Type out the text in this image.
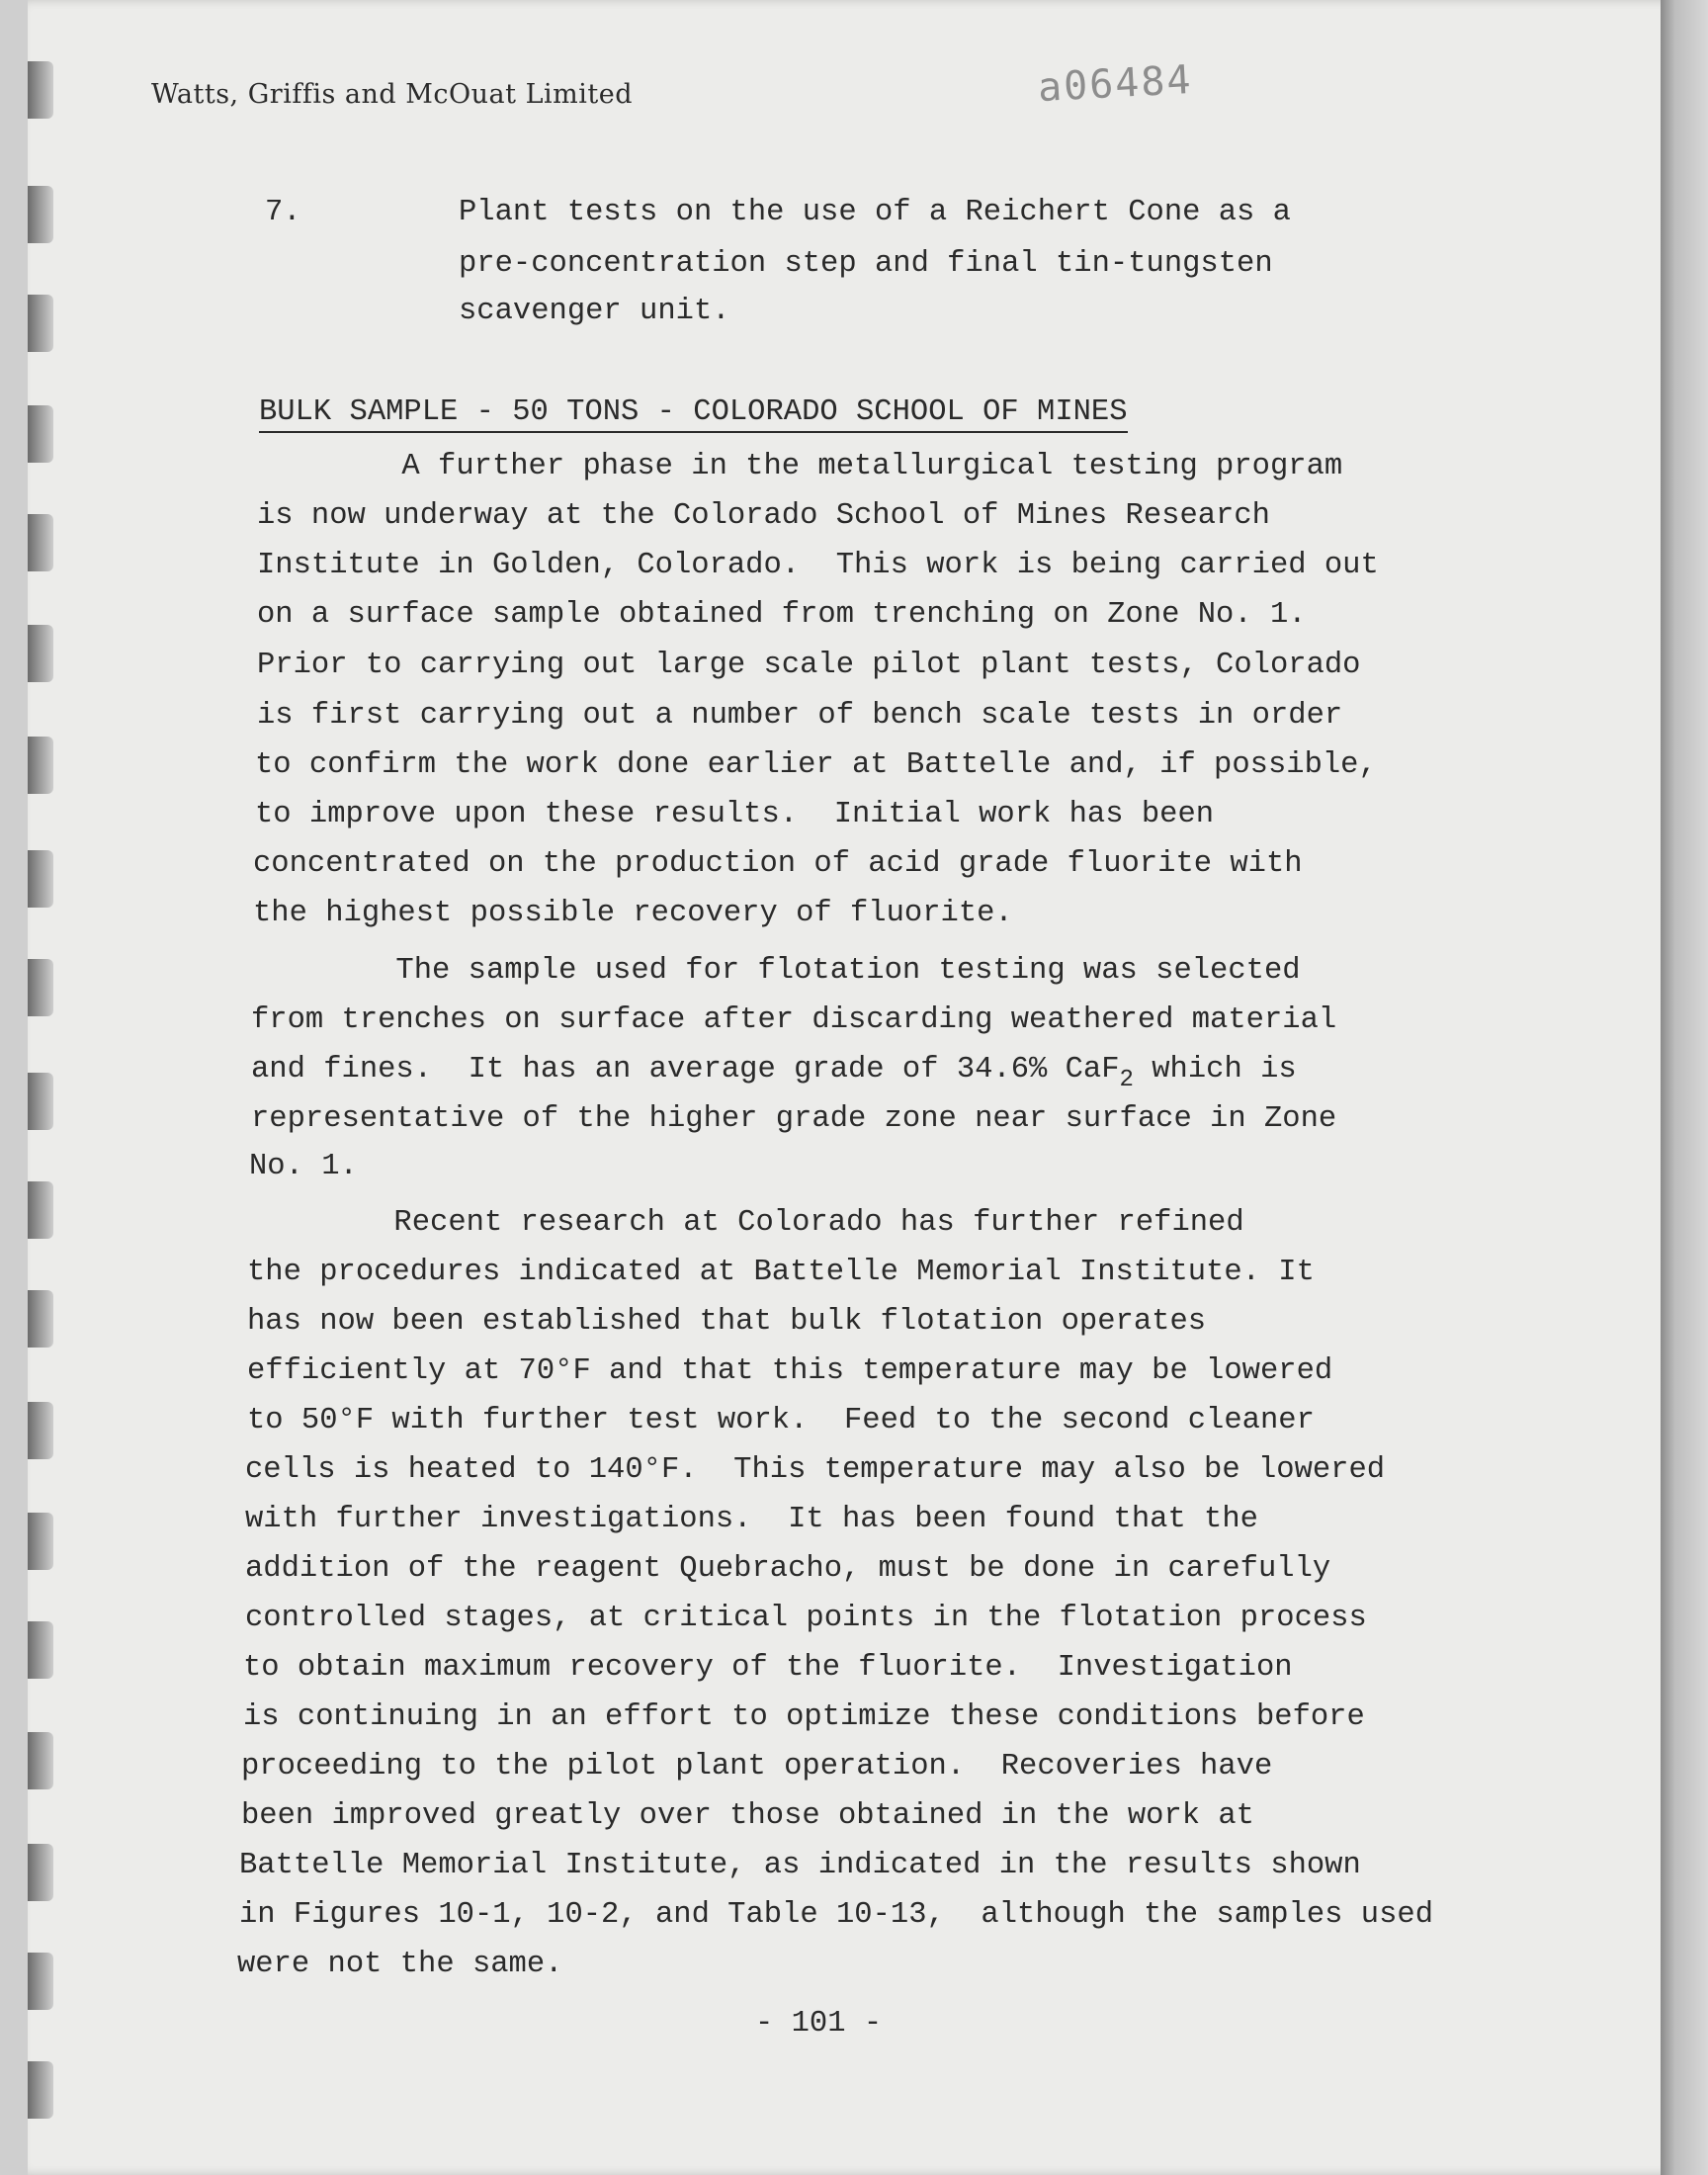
Watts, Griffis and McOuat Limited	a06484
7.	Plant tests on the use of a Reichert Cone as a
pre-concentration step and final tin-tungsten
scavenger unit.
BULK SAMPLE - 50 TONS - COLORADO SCHOOL OF MINES
A further phase in the metallurgical testing program
is now underway at the Colorado School of Mines Research
Institute in Golden, Colorado.  This work is being carried out
on a surface sample obtained from trenching on Zone No. 1.
Prior to carrying out large scale pilot plant tests, Colorado
is first carrying out a number of bench scale tests in order
to confirm the work done earlier at Battelle and, if possible,
to improve upon these results.  Initial work has been
concentrated on the production of acid grade fluorite with
the highest possible recovery of fluorite.
The sample used for flotation testing was selected
from trenches on surface after discarding weathered material
and fines.  It has an average grade of 34.6% CaF$_2$ which is
representative of the higher grade zone near surface in Zone
No. 1.
Recent research at Colorado has further refined
the procedures indicated at Battelle Memorial Institute. It
has now been established that bulk flotation operates
efficiently at 70°F and that this temperature may be lowered
to 50°F with further test work.  Feed to the second cleaner
cells is heated to 140°F.  This temperature may also be lowered
with further investigations.  It has been found that the
addition of the reagent Quebracho, must be done in carefully
controlled stages, at critical points in the flotation process
to obtain maximum recovery of the fluorite.  Investigation
is continuing in an effort to optimize these conditions before
proceeding to the pilot plant operation.  Recoveries have
been improved greatly over those obtained in the work at
Battelle Memorial Institute, as indicated in the results shown
in Figures 10-1, 10-2, and Table 10-13,  although the samples used
were not the same.
- 101 -
